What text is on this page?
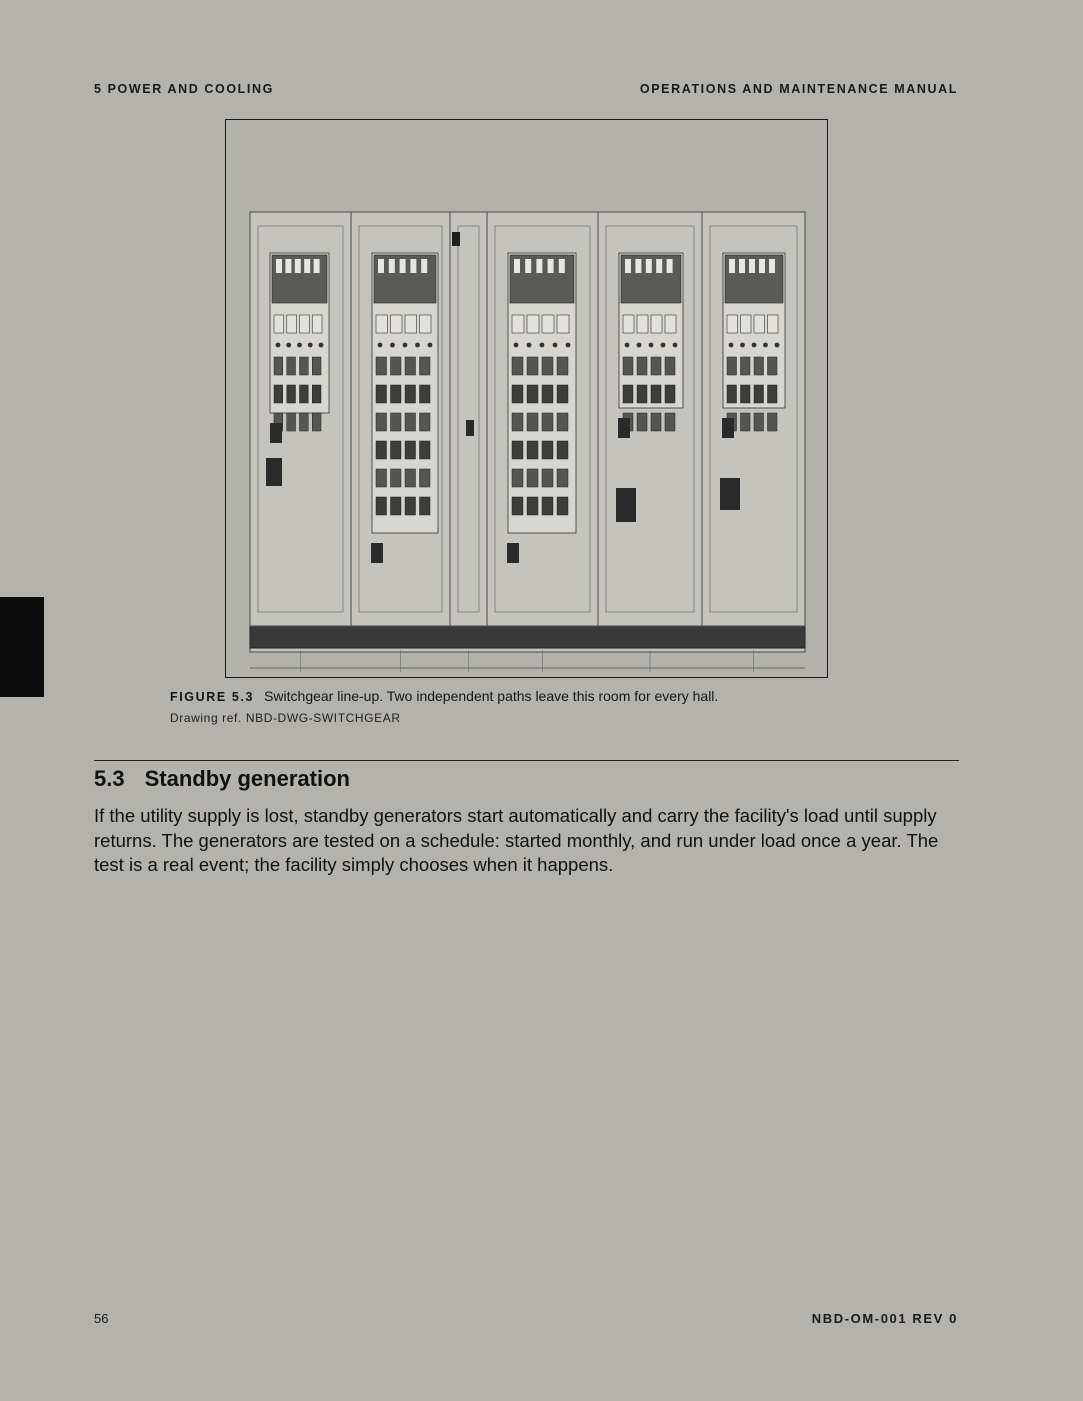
5 POWER AND COOLING	OPERATIONS AND MAINTENANCE MANUAL
FIGURE 5.3 Switchgear line-up. Two independent paths leave this room for every hall.
Drawing ref. NBD-DWG-SWITCHGEAR
5.3 Standby generation

If the utility supply is lost, standby generators start automatically and carry the facility's load until supply returns. The generators are tested on a schedule: started monthly, and run under load once a year. The test is a real event; the facility simply chooses when it happens.

56	NBD-OM-001 REV 0
